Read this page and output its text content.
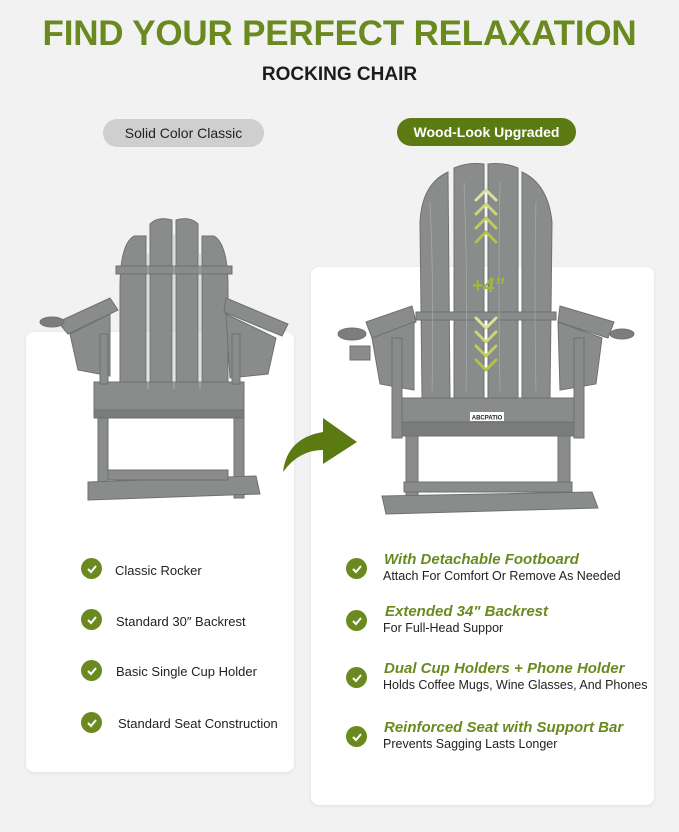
FIND YOUR PERFECT RELAXATION
ROCKING CHAIR
Solid Color Classic	Wood-Look Upgraded
ABCPATIO
+4”
Classic Rocker
Standard 30″ Backrest
Basic Single Cup Holder
Standard Seat Construction
With Detachable Footboard
Attach For Comfort Or Remove As Needed
Extended 34" Backrest
For Full-Head Suppor
Dual Cup Holders + Phone Holder
Holds Coffee Mugs, Wine Glasses, And Phones
Reinforced Seat with Support Bar
Prevents Sagging Lasts Longer
